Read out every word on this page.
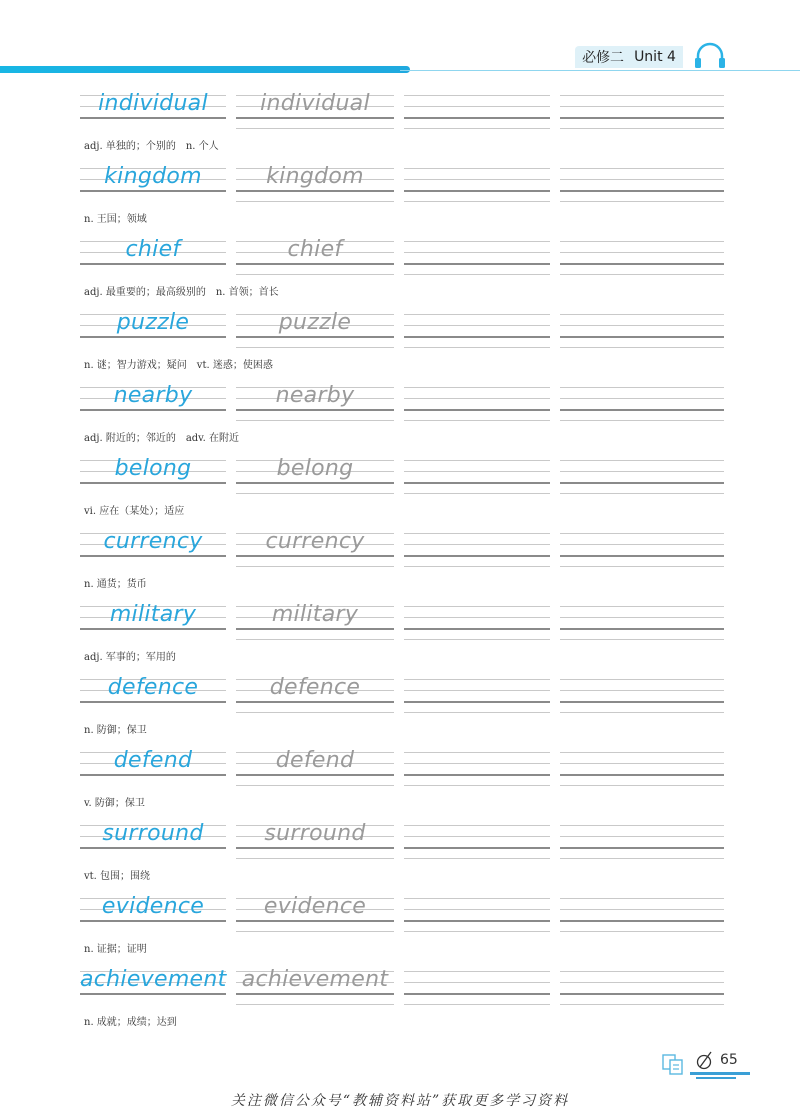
必修二 Unit 4
individual	individual
adj. 单独的；个别的　n. 个人
kingdom	kingdom
n. 王国；领域
chief	chief
adj. 最重要的；最高级别的　n. 首领；首长
puzzle	puzzle
n. 谜；智力游戏；疑问　vt. 迷惑；使困惑
nearby	nearby
adj. 附近的；邻近的　adv. 在附近
belong	belong
vi. 应在（某处）；适应
currency	currency
n. 通货；货币
military	military
adj. 军事的；军用的
defence	defence
n. 防御；保卫
defend	defend
v. 防御；保卫
surround	surround
vt. 包围；围绕
evidence	evidence
n. 证据；证明
achievement achievement
n. 成就；成绩；达到
65
关注微信公众号“教辅资料站”获取更多学习资料
